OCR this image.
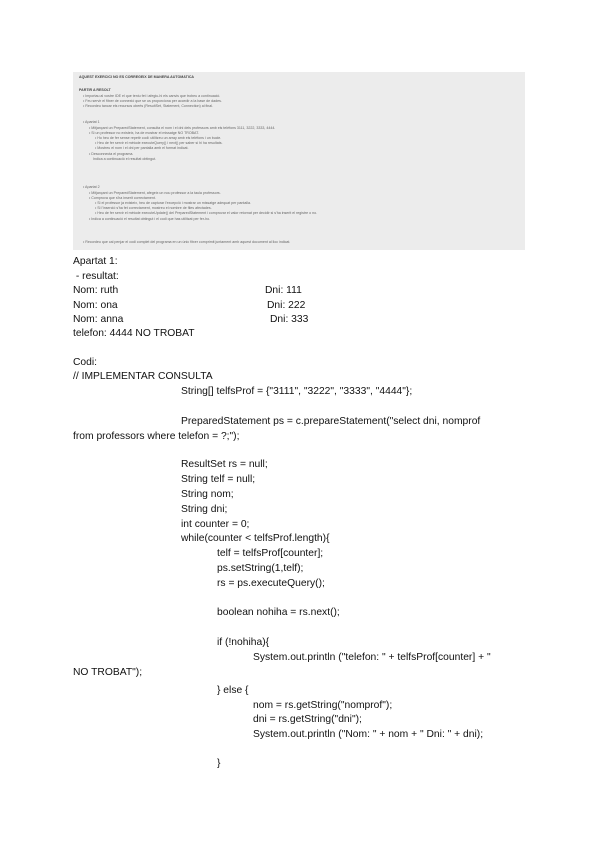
AQUEST EXERCICI NO ES CORREGEIX DE MANERA AUTOMATICA
PARTIR A RESOLT
• Importau al vostre IDE el que teniu fet i afegiu-hi els canvis que trobeu a continuació.
• Feu servir el fitxer de connexió que se us proporciona per accedir a la base de dades.
• Recordeu tancar els recursos oberts (ResultSet, Statement, Connection) al final.
• Apartat 1
• Mitjançant un PreparedStatement, consulta el nom i el dni dels professors amb els telèfons 3111, 3222, 3333, 4444.
• Si un professor no existeix, ha de mostrar el missatge NO TROBAT.
• Ho heu de fer sense repetir codi: utilitzeu un array amb els telèfons i un bucle.
• Heu de fer servir el mètode executeQuery() i next() per saber si hi ha resultats.
• Mostreu el nom i el dni per pantalla amb el format indicat.
• Desconnecta el programa.
Indica a continuació el resultat obtingut.
• Apartat 2
• Mitjançant un PreparedStatement, afegeix un nou professor a la taula professors.
• Comprova que s'ha inserit correctament.
• Si el professor ja existeix, heu de capturar l'excepció i mostrar un missatge adequat per pantalla.
• Si l'inserció s'ha fet correctament, mostreu el nombre de files afectades.
• Heu de fer servir el mètode executeUpdate() del PreparedStatement i comprovar el valor retornat per decidir si s'ha inserit el registre o no.
• Indica a continuació el resultat obtingut i el codi que has utilitzat per fer-ho.
• Recordeu que cal penjar el codi complet del programa en un únic fitxer comprimit juntament amb aquest document al lloc indicat.
Apartat 1:
- resultat:
Nom: ruth	Dni: 111
Nom: ona	Dni: 222
Nom: anna	Dni: 333
telefon: 4444 NO TROBAT
Codi:
// IMPLEMENTAR CONSULTA
String[] telfsProf = {"3111", "3222", "3333", "4444"};
PreparedStatement ps = c.prepareStatement("select dni, nomprof
from professors where telefon = ?;");
ResultSet rs = null;
String telf = null;
String nom;
String dni;
int counter = 0;
while(counter < telfsProf.length){
telf = telfsProf[counter];
ps.setString(1,telf);
rs = ps.executeQuery();
boolean nohiha = rs.next();
if (!nohiha){
System.out.println ("telefon: " + telfsProf[counter] + "
NO TROBAT");
} else {
nom = rs.getString("nomprof");
dni = rs.getString("dni");
System.out.println ("Nom: " + nom + " Dni: " + dni);
}
